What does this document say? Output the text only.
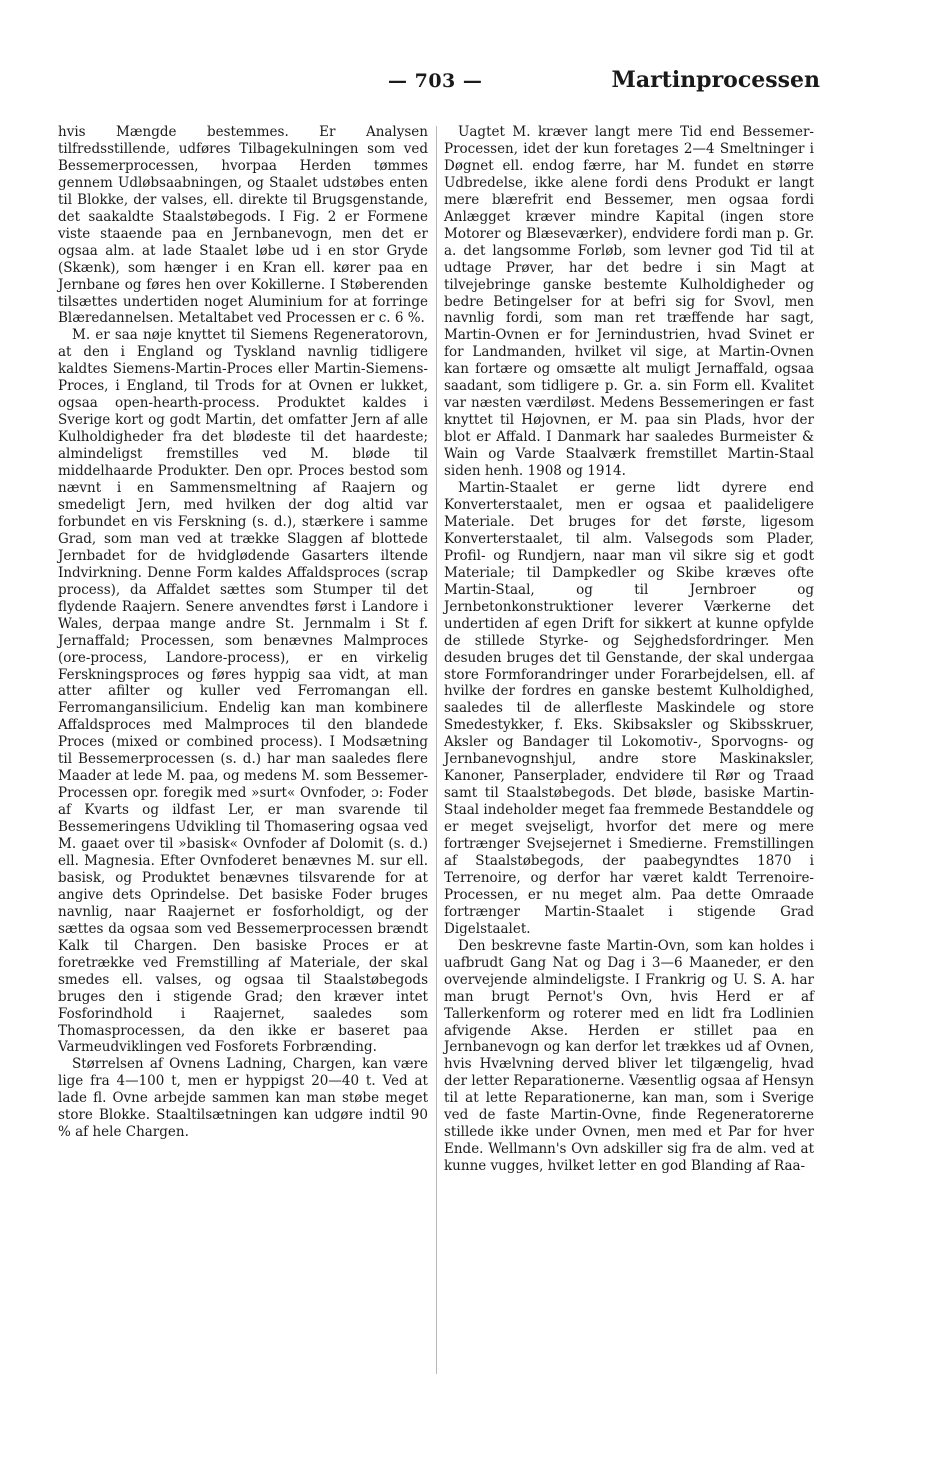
— 703 —	Martinprocessen

hvis Mængde bestemmes. Er Analysen tilfredsstillende, udføres Tilbagekulningen som ved Bessemerprocessen, hvorpaa Herden tømmes gennem Udløbsaabningen, og Staalet udstøbes enten til Blokke, der valses, ell. direkte til Brugsgenstande, det saakaldte Staalstøbegods. I Fig. 2 er Formene viste staaende paa en Jernbanevogn, men det er ogsaa alm. at lade Staalet løbe ud i en stor Gryde (Skænk), som hænger i en Kran ell. kører paa en Jernbane og føres hen over Kokillerne. I Støberenden tilsættes undertiden noget Aluminium for at forringe Blæredannelsen. Metaltabet ved Processen er c. 6 %.

M. er saa nøje knyttet til Siemens Regeneratorovn, at den i England og Tyskland navnlig tidligere kaldtes Siemens-Martin-Proces eller Martin-Siemens-Proces, i England, til Trods for at Ovnen er lukket, ogsaa open-hearth-process. Produktet kaldes i Sverige kort og godt Martin, det omfatter Jern af alle Kulholdigheder fra det blødeste til det haardeste; almindeligst fremstilles ved M. bløde til middelhaarde Produkter. Den opr. Proces bestod som nævnt i en Sammensmeltning af Raajern og smedeligt Jern, med hvilken der dog altid var forbundet en vis Ferskning (s. d.), stærkere i samme Grad, som man ved at trække Slaggen af blottede Jernbadet for de hvidglødende Gasarters iltende Indvirkning. Denne Form kaldes Affaldsproces (scrap process), da Affaldet sættes som Stumper til det flydende Raajern. Senere anvendtes først i Landore i Wales, derpaa mange andre St. Jernmalm i St f. Jernaffald; Processen, som benævnes Malmproces (ore-process, Landore-process), er en virkelig Ferskningsproces og føres hyppig saa vidt, at man atter afilter og kuller ved Ferromangan ell. Ferromangansilicium. Endelig kan man kombinere Affaldsproces med Malmproces til den blandede Proces (mixed or combined process). I Modsætning til Bessemerprocessen (s. d.) har man saaledes flere Maader at lede M. paa, og medens M. som Bessemer-Processen opr. foregik med »surt« Ovnfoder, ɔ: Foder af Kvarts og ildfast Ler, er man svarende til Bessemeringens Udvikling til Thomasering ogsaa ved M. gaaet over til »basisk« Ovnfoder af Dolomit (s. d.) ell. Magnesia. Efter Ovnfoderet benævnes M. sur ell. basisk, og Produktet benævnes tilsvarende for at angive dets Oprindelse. Det basiske Foder bruges navnlig, naar Raajernet er fosforholdigt, og der sættes da ogsaa som ved Bessemerprocessen brændt Kalk til Chargen. Den basiske Proces er at foretrække ved Fremstilling af Materiale, der skal smedes ell. valses, og ogsaa til Staalstøbegods bruges den i stigende Grad; den kræver intet Fosforindhold i Raajernet, saaledes som Thomasprocessen, da den ikke er baseret paa Varmeudviklingen ved Fosforets Forbrænding.

Størrelsen af Ovnens Ladning, Chargen, kan være lige fra 4—100 t, men er hyppigst 20—40 t. Ved at lade fl. Ovne arbejde sammen kan man støbe meget store Blokke. Staaltilsætningen kan udgøre indtil 90 % af hele Chargen.

Uagtet M. kræver langt mere Tid end Bessemer-Processen, idet der kun foretages 2—4 Smeltninger i Døgnet ell. endog færre, har M. fundet en større Udbredelse, ikke alene fordi dens Produkt er langt mere blærefrit end Bessemer, men ogsaa fordi Anlægget kræver mindre Kapital (ingen store Motorer og Blæseværker), endvidere fordi man p. Gr. a. det langsomme Forløb, som levner god Tid til at udtage Prøver, har det bedre i sin Magt at tilvejebringe ganske bestemte Kulholdigheder og bedre Betingelser for at befri sig for Svovl, men navnlig fordi, som man ret træffende har sagt, Martin-Ovnen er for Jernindustrien, hvad Svinet er for Landmanden, hvilket vil sige, at Martin-Ovnen kan fortære og omsætte alt muligt Jernaffald, ogsaa saadant, som tidligere p. Gr. a. sin Form ell. Kvalitet var næsten værdiløst. Medens Bessemeringen er fast knyttet til Højovnen, er M. paa sin Plads, hvor der blot er Affald. I Danmark har saaledes Burmeister & Wain og Varde Staalværk fremstillet Martin-Staal siden henh. 1908 og 1914.

Martin-Staalet er gerne lidt dyrere end Konverterstaalet, men er ogsaa et paalideligere Materiale. Det bruges for det første, ligesom Konverterstaalet, til alm. Valsegods som Plader, Profil- og Rundjern, naar man vil sikre sig et godt Materiale; til Dampkedler og Skibe kræves ofte Martin-Staal, og til Jernbroer og Jernbetonkonstruktioner leverer Værkerne det undertiden af egen Drift for sikkert at kunne opfylde de stillede Styrke- og Sejghedsfordringer. Men desuden bruges det til Genstande, der skal undergaa store Formforandringer under Forarbejdelsen, ell. af hvilke der fordres en ganske bestemt Kulholdighed, saaledes til de allerfleste Maskindele og store Smedestykker, f. Eks. Skibsaksler og Skibsskruer, Aksler og Bandager til Lokomotiv-, Sporvogns- og Jernbanevognshjul, andre store Maskinaksler, Kanoner, Panserplader, endvidere til Rør og Traad samt til Staalstøbegods. Det bløde, basiske Martin-Staal indeholder meget faa fremmede Bestanddele og er meget svejseligt, hvorfor det mere og mere fortrænger Svejsejernet i Smedierne. Fremstillingen af Staalstøbegods, der paabegyndtes 1870 i Terrenoire, og derfor har været kaldt Terrenoire-Processen, er nu meget alm. Paa dette Omraade fortrænger Martin-Staalet i stigende Grad Digelstaalet.

Den beskrevne faste Martin-Ovn, som kan holdes i uafbrudt Gang Nat og Dag i 3—6 Maaneder, er den overvejende almindeligste. I Frankrig og U. S. A. har man brugt Pernot's Ovn, hvis Herd er af Tallerkenform og roterer med en lidt fra Lodlinien afvigende Akse. Herden er stillet paa en Jernbanevogn og kan derfor let trækkes ud af Ovnen, hvis Hvælvning derved bliver let tilgængelig, hvad der letter Reparationerne. Væsentlig ogsaa af Hensyn til at lette Reparationerne, kan man, som i Sverige ved de faste Martin-Ovne, finde Regeneratorerne stillede ikke under Ovnen, men med et Par for hver Ende. Wellmann's Ovn adskiller sig fra de alm. ved at kunne vugges, hvilket letter en god Blanding af Raa-
